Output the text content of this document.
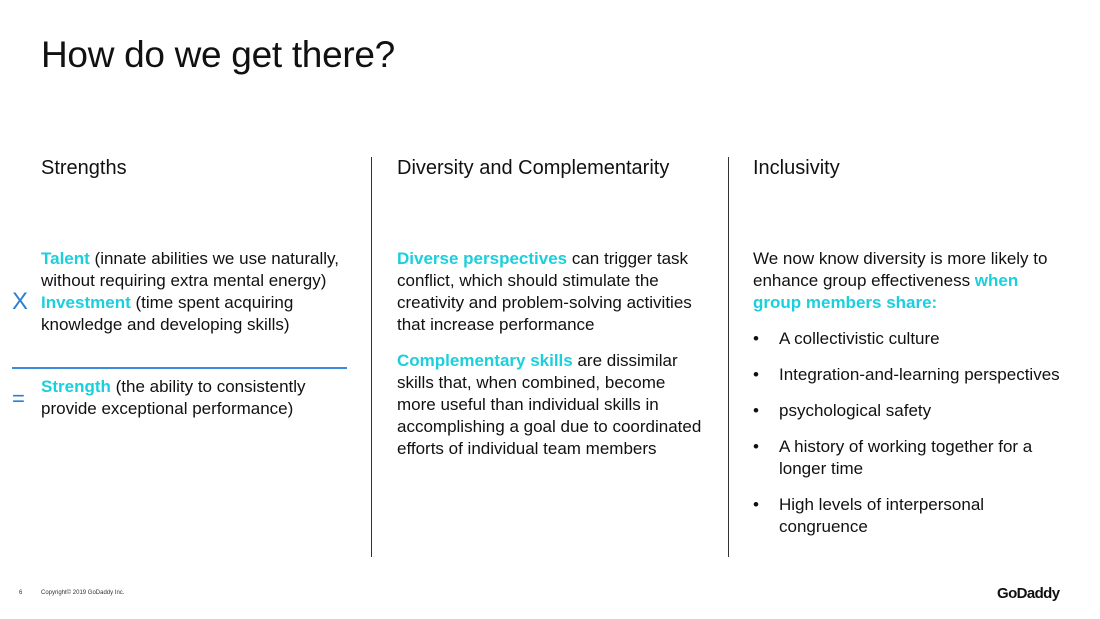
How do we get there?
Strengths

Talent (innate abilities we use naturally, without requiring extra mental energy)

Investment (time spent acquiring knowledge and developing skills)

X
= Strength (the ability to consistently provide exceptional performance)

Diversity and Complementarity

Diverse perspectives can trigger task conflict, which should stimulate the creativity and problem-solving activities that increase performance

Complementary skills are dissimilar skills that, when combined, become more useful than individual skills in accomplishing a goal due to coordinated efforts of individual team members

Inclusivity

We now know diversity is more likely to enhance group effectiveness when group members share:

• A collectivistic culture
• Integration-and-learning perspectives
• psychological safety
• A history of working together for a longer time
• High levels of interpersonal congruence
6	Copyright© 2019 GoDaddy Inc.	GoDaddy
